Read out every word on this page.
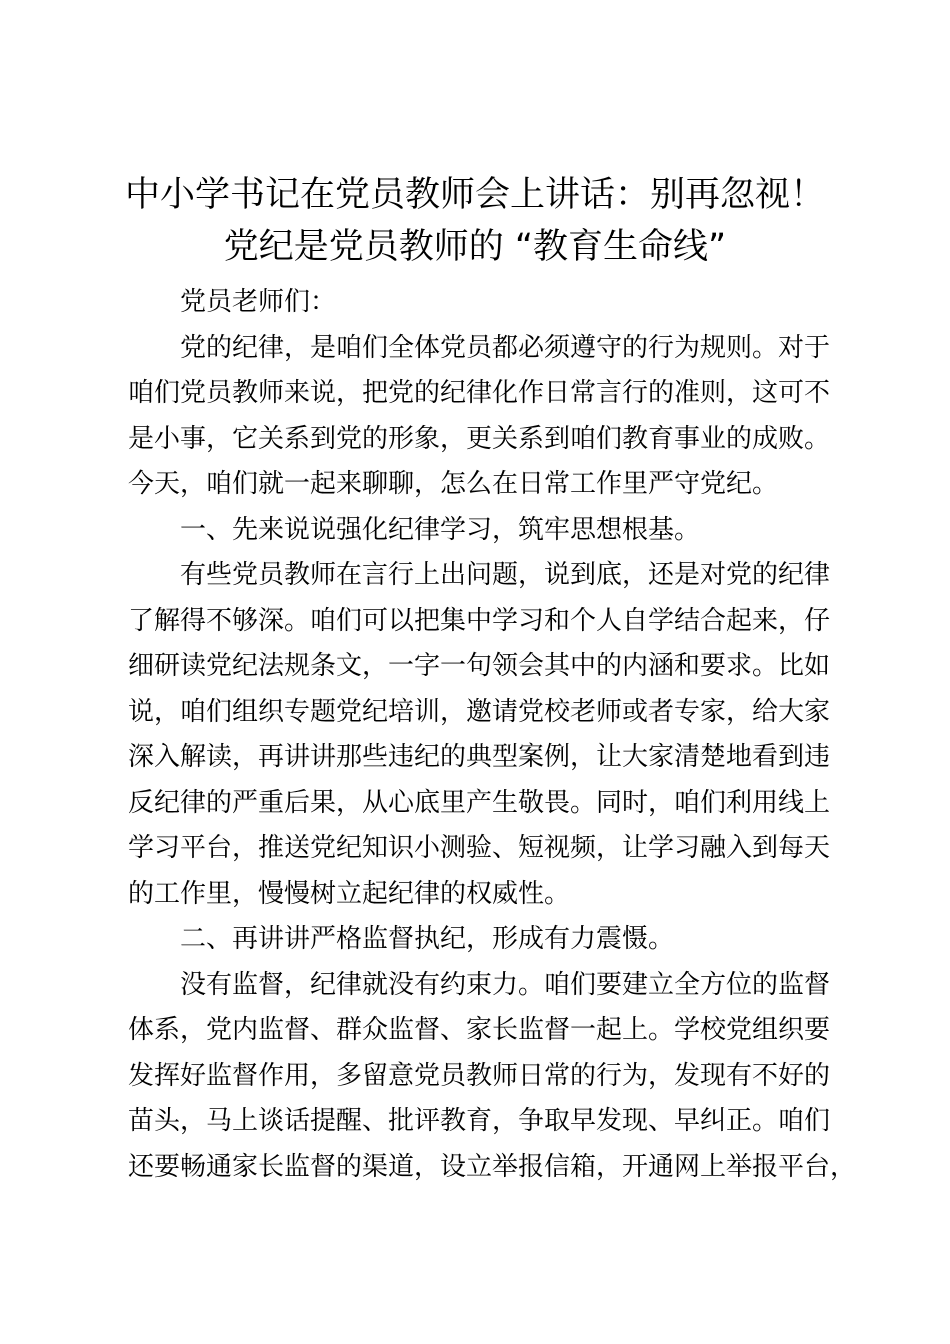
中小学书记在党员教师会上讲话：别再忽视！
党纪是党员教师的 “教育生命线”
党员老师们：
党的纪律，是咱们全体党员都必须遵守的行为规则。对于
咱们党员教师来说，把党的纪律化作日常言行的准则，这可不
是小事，它关系到党的形象，更关系到咱们教育事业的成败。
今天，咱们就一起来聊聊，怎么在日常工作里严守党纪。
一、先来说说强化纪律学习，筑牢思想根基。
有些党员教师在言行上出问题，说到底，还是对党的纪律
了解得不够深。咱们可以把集中学习和个人自学结合起来，仔
细研读党纪法规条文，一字一句领会其中的内涵和要求。比如
说，咱们组织专题党纪培训，邀请党校老师或者专家，给大家
深入解读，再讲讲那些违纪的典型案例，让大家清楚地看到违
反纪律的严重后果，从心底里产生敬畏。同时，咱们利用线上
学习平台，推送党纪知识小测验、短视频，让学习融入到每天
的工作里，慢慢树立起纪律的权威性。
二、再讲讲严格监督执纪，形成有力震慑。
没有监督，纪律就没有约束力。咱们要建立全方位的监督
体系，党内监督、群众监督、家长监督一起上。学校党组织要
发挥好监督作用，多留意党员教师日常的行为，发现有不好的
苗头，马上谈话提醒、批评教育，争取早发现、早纠正。咱们
还要畅通家长监督的渠道，设立举报信箱，开通网上举报平台，
